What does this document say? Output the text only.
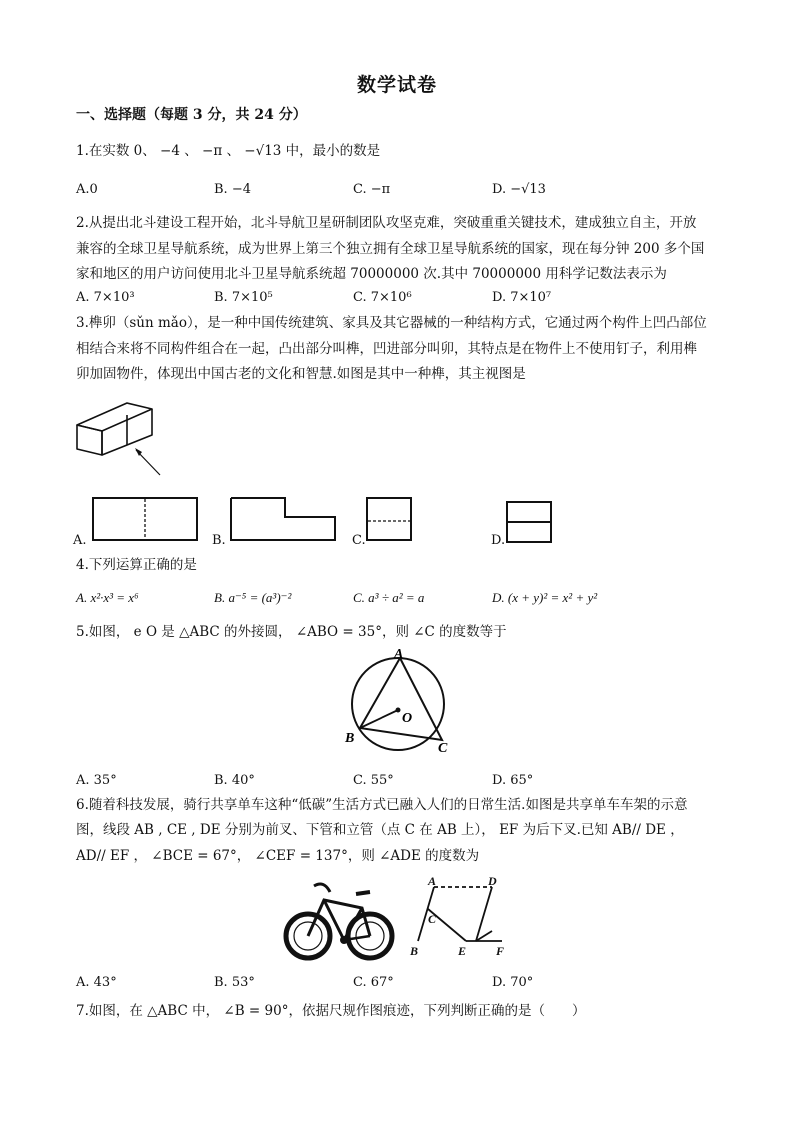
数学试卷
一、选择题（每题 3 分，共 24 分）
1.在实数 0、 −4 、 −π 、 −√13 中，最小的数是
A.0	B. −4	C. −π	D. −√13
2.从提出北斗建设工程开始，北斗导航卫星研制团队攻坚克难，突破重重关键技术，建成独立自主，开放
兼容的全球卫星导航系统，成为世界上第三个独立拥有全球卫星导航系统的国家，现在每分钟 200 多个国
家和地区的用户访问使用北斗卫星导航系统超 70000000 次.其中 70000000 用科学记数法表示为
A. 7×10³	B. 7×10⁵	C. 7×10⁶	D. 7×10⁷
3.榫卯（sǔn mǎo），是一种中国传统建筑、家具及其它器械的一种结构方式，它通过两个构件上凹凸部位
相结合来将不同构件组合在一起，凸出部分叫榫，凹进部分叫卯，其特点是在物件上不使用钉子，利用榫
卯加固物件，体现出中国古老的文化和智慧.如图是其中一种榫，其主视图是
A.	B.	C.	D.
4.下列运算正确的是
A. x²·x³ = x⁶	B. a⁻⁵ = (a³)⁻²	C. a³ ÷ a² = a	D. (x + y)² = x² + y²
5.如图， e O 是 △ABC 的外接圆， ∠ABO = 35°，则 ∠C 的度数等于
A
O
B
C
A. 35°	B. 40°	C. 55°	D. 65°
6.随着科技发展，骑行共享单车这种“低碳”生活方式已融入人们的日常生活.如图是共享单车车架的示意
图，线段 AB , CE , DE 分别为前叉、下管和立管（点 C 在 AB 上）， EF 为后下叉.已知 AB// DE ，
AD// EF ， ∠BCE = 67°， ∠CEF = 137°，则 ∠ADE 的度数为
A	D
C
B	E F
A. 43°	B. 53°	C. 67°	D. 70°
7.如图，在 △ABC 中， ∠B = 90°，依据尺规作图痕迹，下列判断正确的是（　　）
